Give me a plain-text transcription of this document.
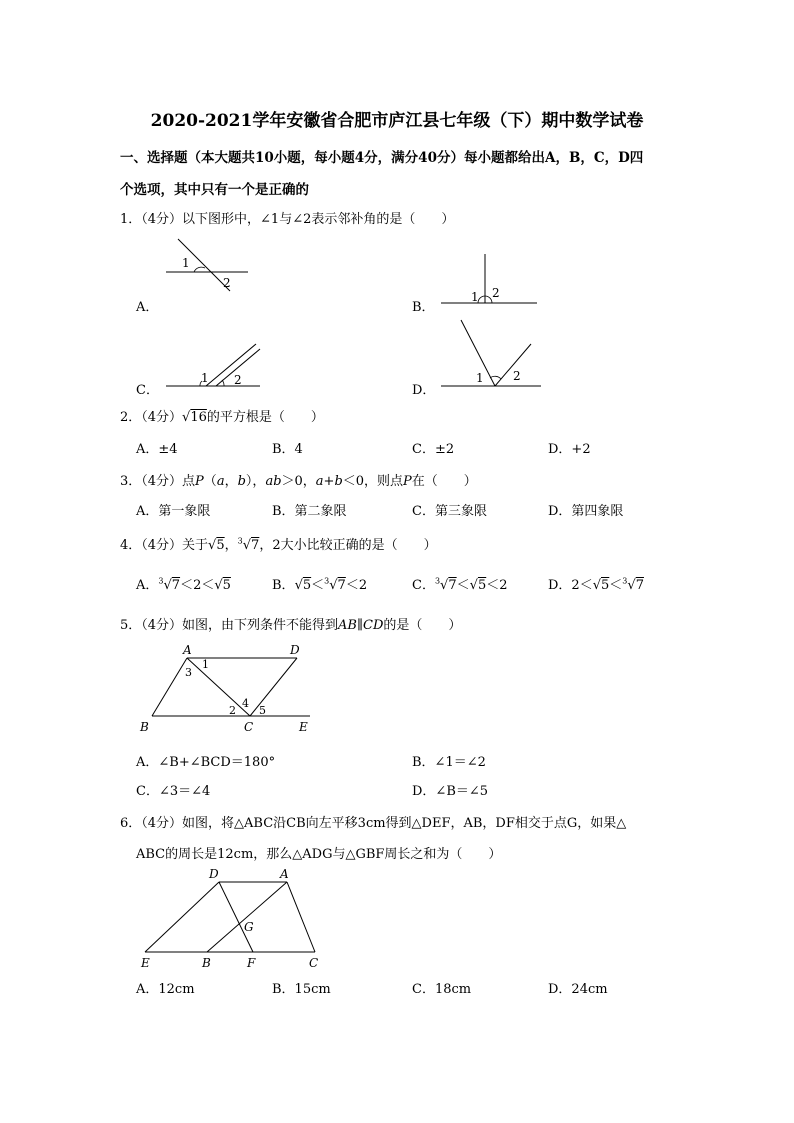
2020-2021学年安徽省合肥市庐江县七年级（下）期中数学试卷
一、选择题（本大题共10小题，每小题4分，满分40分）每小题都给出A，B，C，D四
个选项，其中只有一个是正确的
1．（4分）以下图形中，∠1与∠2表示邻补角的是（　　）
A．
1
2
B．
1 2
C．
1 2
D．
1 2
2．（4分）√16的平方根是（　　）
A．±4	B．4	C．±2	D．+2
3．（4分）点P（a，b），ab＞0，a+b＜0，则点P在（　　）
A．第一象限	B．第二象限	C．第三象限	D．第四象限
4．（4分）关于√5，$^3$√7，2大小比较正确的是（　　）
A．$^3$√7＜2＜√5	B．√5＜$^3$√7＜2	C．$^3$√7＜√5＜2	D．2＜√5＜$^3$√7
5．（4分）如图，由下列条件不能得到AB∥CD的是（　　）
A	D
B	C	E
1
3
2
4
5
A．∠B+∠BCD＝180°	B．∠1＝∠2
C．∠3＝∠4	D．∠B＝∠5
6．（4分）如图，将△ABC沿CB向左平移3cm得到△DEF，AB，DF相交于点G，如果△
ABC的周长是12cm，那么△ADG与△GBF周长之和为（　　）
D	A
G
E	B	F	C
A．12cm	B．15cm	C．18cm	D．24cm
